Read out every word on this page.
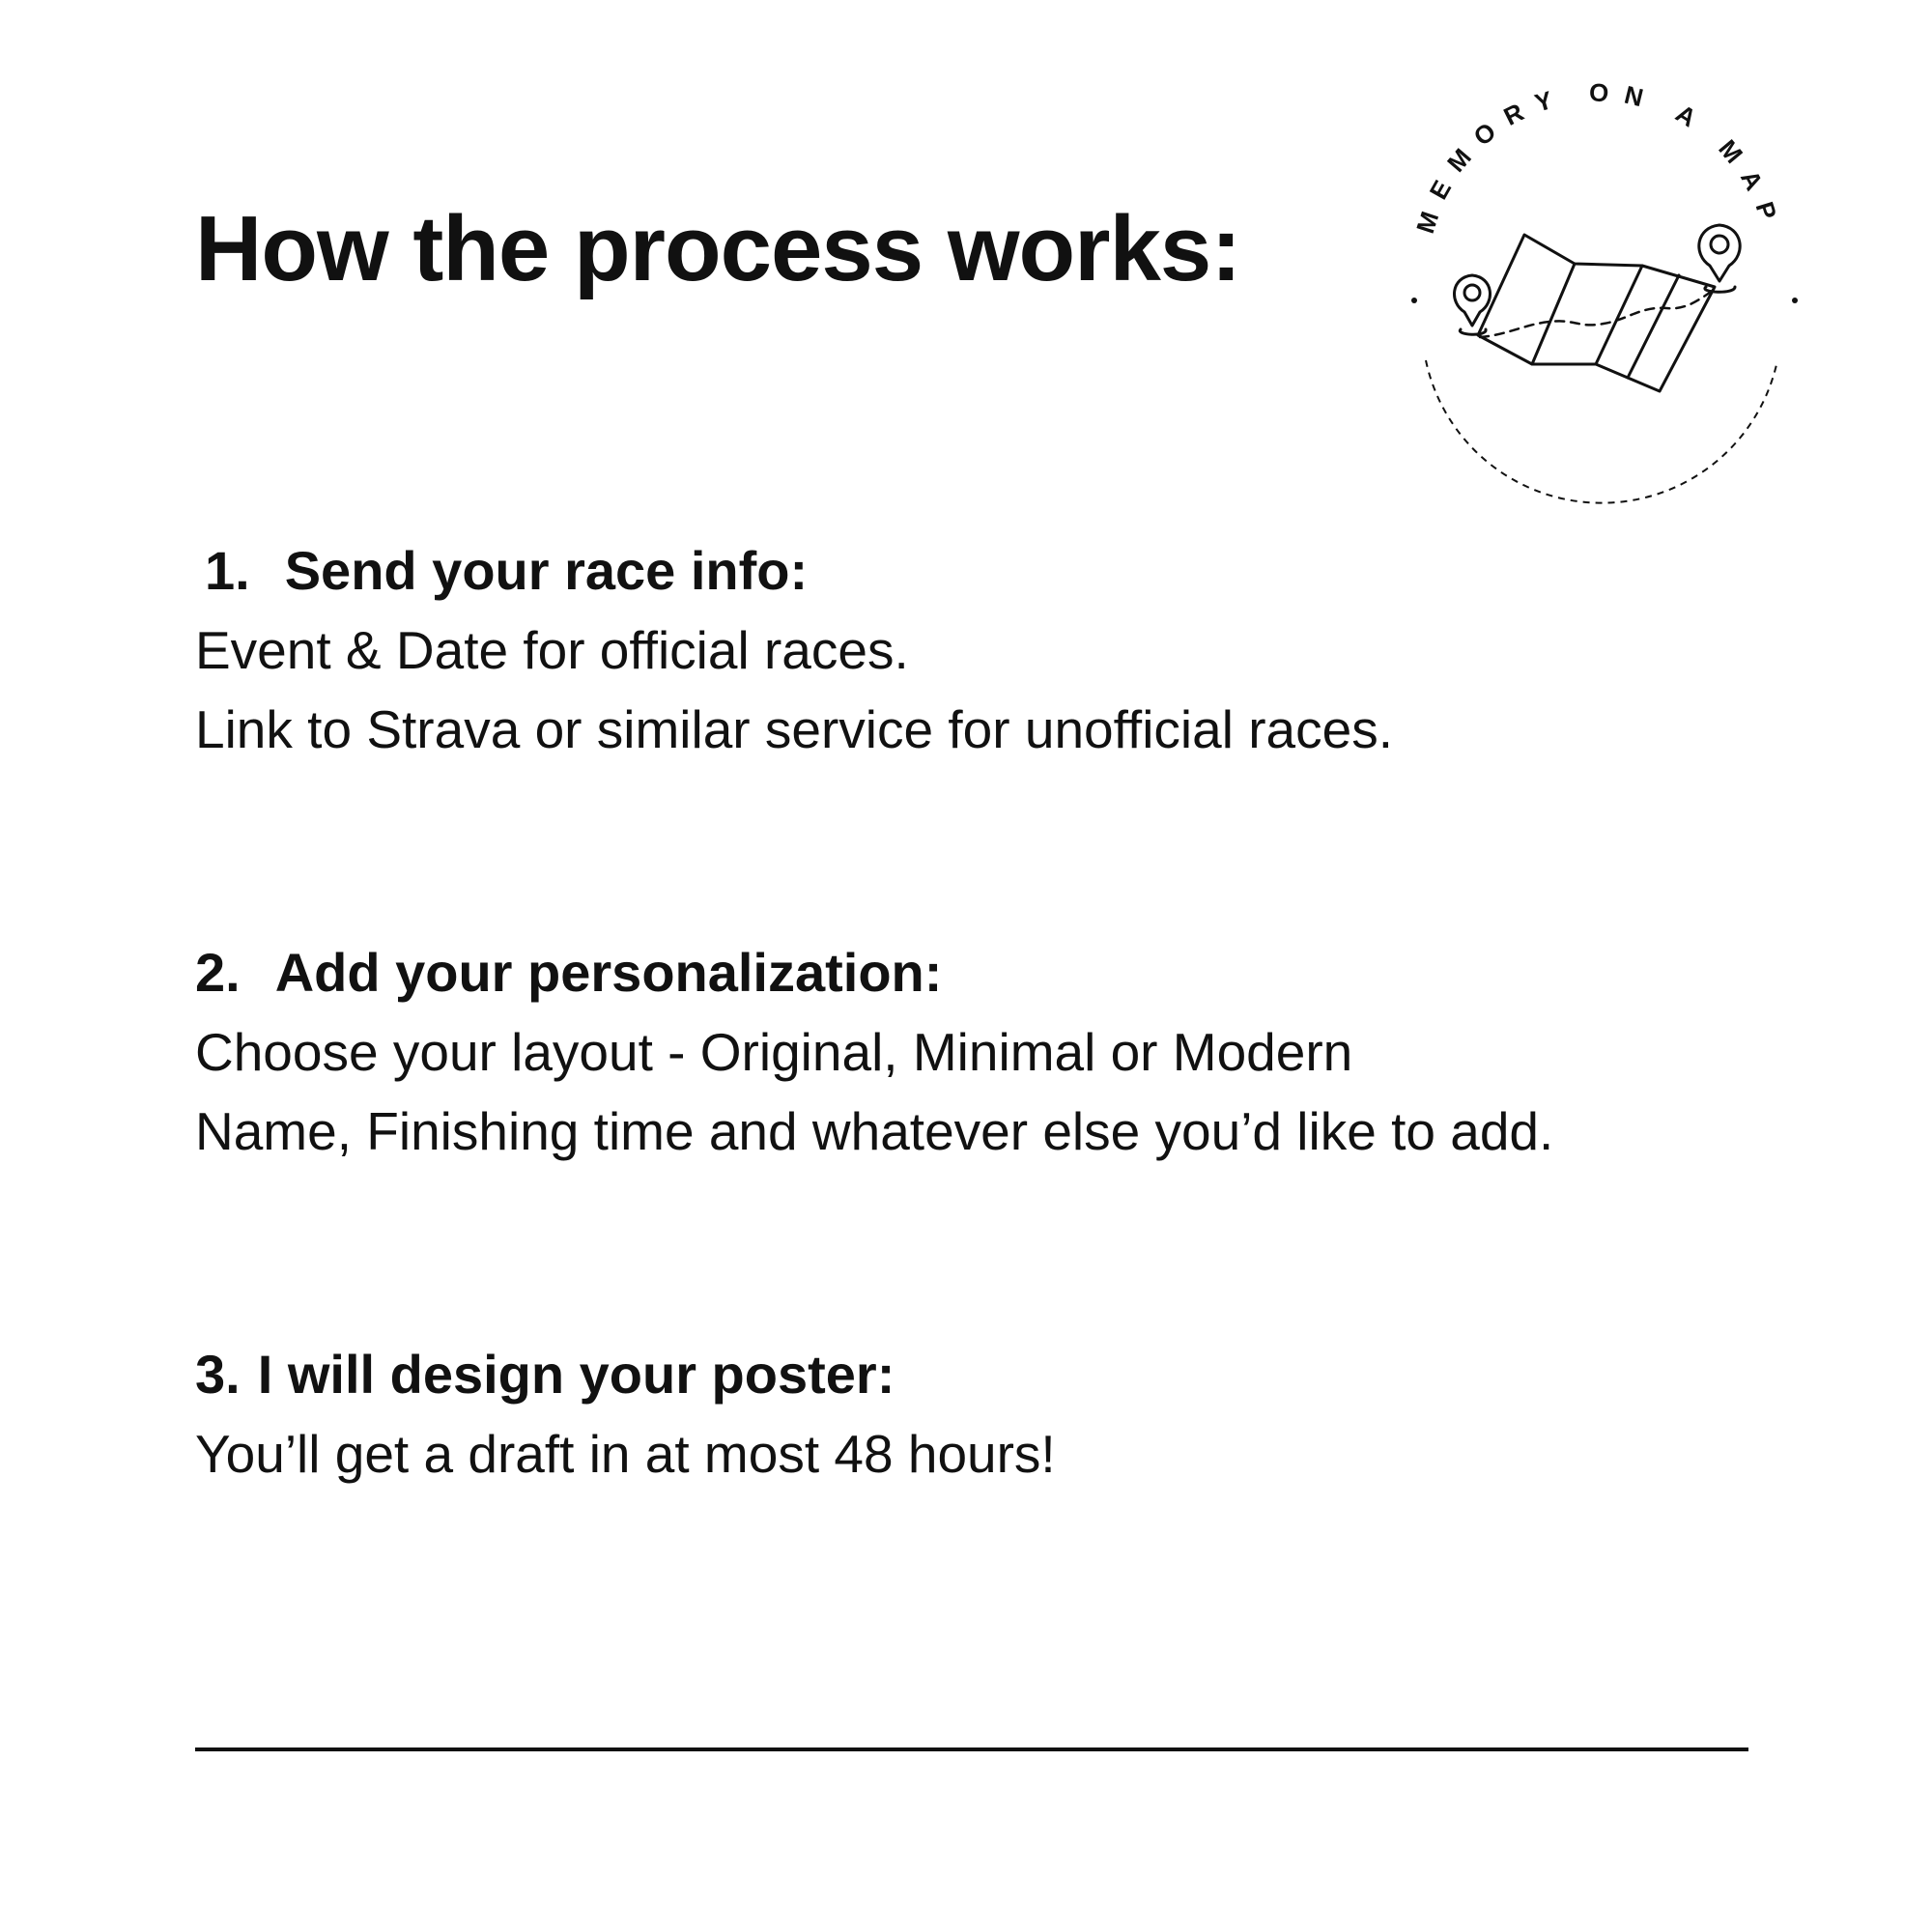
How the process works:	MEMORY ON A MAP
1. Send your race info:
Event & Date for official races.
Link to Strava or similar service for unofficial races.
2. Add your personalization:
Choose your layout - Original, Minimal or Modern
Name, Finishing time and whatever else you’d like to add.
3. I will design your poster:
You’ll get a draft in at most 48 hours!
